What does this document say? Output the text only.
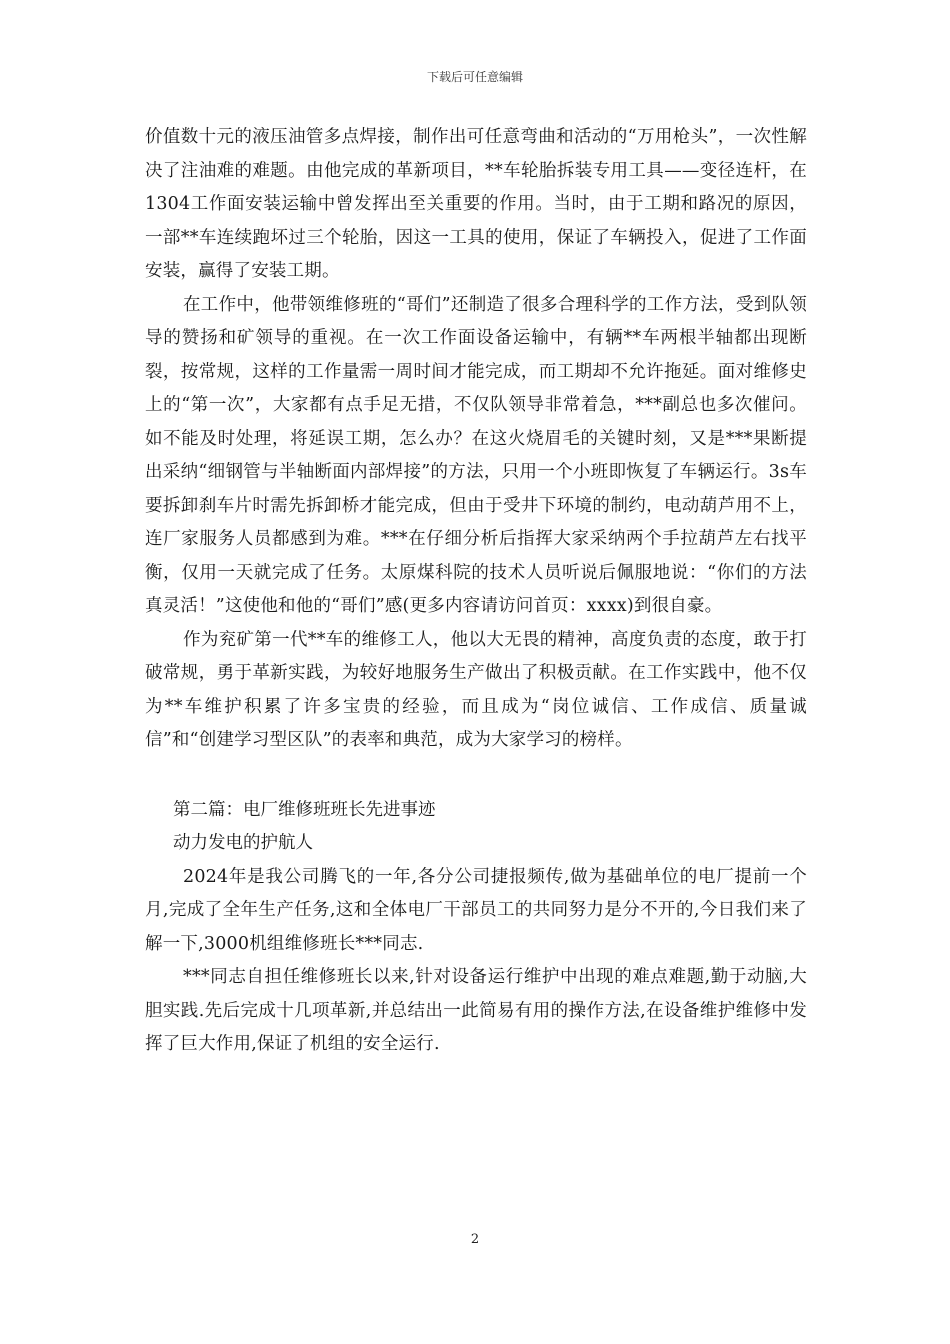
下载后可任意编辑

价值数十元的液压油管多点焊接，制作出可任意弯曲和活动的“万用枪头”，一次性解决了注油难的难题。由他完成的革新项目，**车轮胎拆装专用工具——变径连杆，在1304工作面安装运输中曾发挥出至关重要的作用。当时，由于工期和路况的原因，一部**车连续跑坏过三个轮胎，因这一工具的使用，保证了车辆投入，促进了工作面安装，赢得了安装工期。

在工作中，他带领维修班的“哥们”还制造了很多合理科学的工作方法，受到队领导的赞扬和矿领导的重视。在一次工作面设备运输中，有辆**车两根半轴都出现断裂，按常规，这样的工作量需一周时间才能完成，而工期却不允许拖延。面对维修史上的“第一次”，大家都有点手足无措，不仅队领导非常着急，***副总也多次催问。如不能及时处理，将延误工期，怎么办？在这火烧眉毛的关键时刻，又是***果断提出采纳“细钢管与半轴断面内部焊接”的方法，只用一个小班即恢复了车辆运行。3s车要拆卸刹车片时需先拆卸桥才能完成，但由于受井下环境的制约，电动葫芦用不上，连厂家服务人员都感到为难。***在仔细分析后指挥大家采纳两个手拉葫芦左右找平衡，仅用一天就完成了任务。太原煤科院的技术人员听说后佩服地说：“你们的方法真灵活！”这使他和他的“哥们”感(更多内容请访问首页：xxxx)到很自豪。

作为兖矿第一代**车的维修工人，他以大无畏的精神，高度负责的态度，敢于打破常规，勇于革新实践，为较好地服务生产做出了积极贡献。在工作实践中，他不仅为**车维护积累了许多宝贵的经验，而且成为“岗位诚信、工作成信、质量诚信”和“创建学习型区队”的表率和典范，成为大家学习的榜样。

第二篇：电厂维修班班长先进事迹

动力发电的护航人

2024年是我公司腾飞的一年,各分公司捷报频传,做为基础单位的电厂提前一个月,完成了全年生产任务,这和全体电厂干部员工的共同努力是分不开的,今日我们来了解一下,3000机组维修班长***同志.

***同志自担任维修班长以来,针对设备运行维护中出现的难点难题,勤于动脑,大胆实践.先后完成十几项革新,并总结出一此简易有用的操作方法,在设备维护维修中发挥了巨大作用,保证了机组的安全运行.

2
